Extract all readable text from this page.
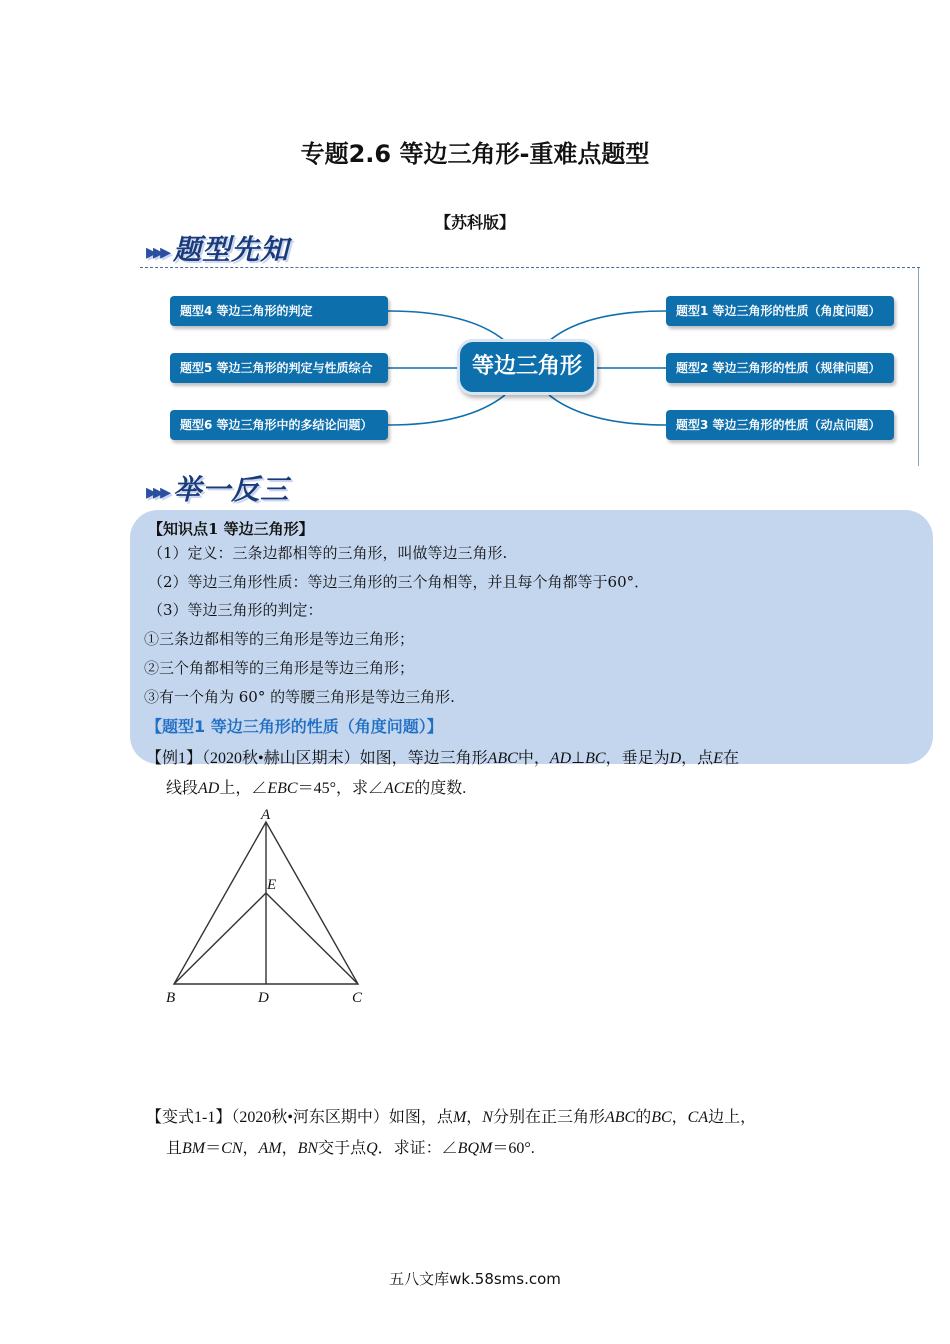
专题2.6 等边三角形-重难点题型
【苏科版】
▸▸▸ 题型先知
题型4 等边三角形的判定
题型5 等边三角形的判定与性质综合
题型6 等边三角形中的多结论问题）
等边三角形
题型1 等边三角形的性质（角度问题）
题型2 等边三角形的性质（规律问题）
题型3 等边三角形的性质（动点问题）
▸▸▸ 举一反三
【知识点1 等边三角形】
（1）定义：三条边都相等的三角形，叫做等边三角形.
（2）等边三角形性质：等边三角形的三个角相等，并且每个角都等于60°．
（3）等边三角形的判定：
①三条边都相等的三角形是等边三角形；
②三个角都相等的三角形是等边三角形；
③有一个角为 60° 的等腰三角形是等边三角形.
【题型1 等边三角形的性质（角度问题）】
【例1】（2020秋•赫山区期末）如图，等边三角形ABC中，AD⊥BC，垂足为D，点E在
线段AD上，∠EBC＝45°，求∠ACE的度数.
A
E
B	D	C
【变式1-1】（2020秋•河东区期中）如图，点M，N分别在正三角形ABC的BC，CA边上，
且BM＝CN，AM，BN交于点Q．求证：∠BQM＝60°.
五八文库wk.58sms.com
